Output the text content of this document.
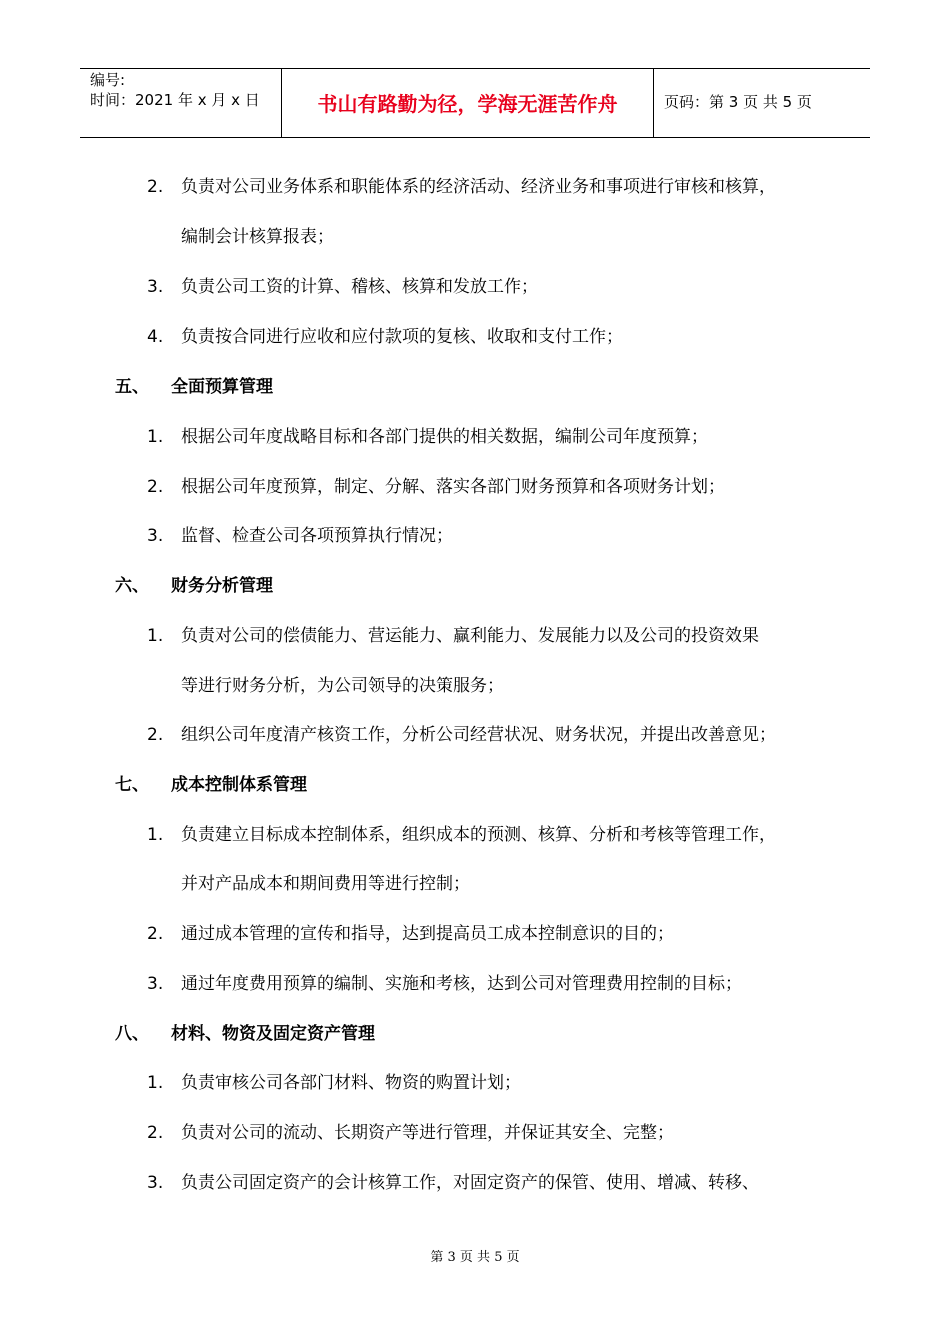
编号:
时间：2021 年 x 月 x 日	书山有路勤为径，学海无涯苦作舟	页码：第 3 页 共 5 页
2.	负责对公司业务体系和职能体系的经济活动、经济业务和事项进行审核和核算，
编制会计核算报表；
3.	负责公司工资的计算、稽核、核算和发放工作；
4.	负责按合同进行应收和应付款项的复核、收取和支付工作；
五、 全面预算管理
1.	根据公司年度战略目标和各部门提供的相关数据，编制公司年度预算；
2.	根据公司年度预算，制定、分解、落实各部门财务预算和各项财务计划；
3.	监督、检查公司各项预算执行情况；
六、 财务分析管理
1.	负责对公司的偿债能力、营运能力、赢利能力、发展能力以及公司的投资效果
等进行财务分析，为公司领导的决策服务；
2.	组织公司年度清产核资工作，分析公司经营状况、财务状况，并提出改善意见；
七、 成本控制体系管理
1.	负责建立目标成本控制体系，组织成本的预测、核算、分析和考核等管理工作，
并对产品成本和期间费用等进行控制；
2.	通过成本管理的宣传和指导，达到提高员工成本控制意识的目的；
3.	通过年度费用预算的编制、实施和考核，达到公司对管理费用控制的目标；
八、 材料、物资及固定资产管理
1.	负责审核公司各部门材料、物资的购置计划；
2.	负责对公司的流动、长期资产等进行管理，并保证其安全、完整；
3.	负责公司固定资产的会计核算工作，对固定资产的保管、使用、增减、转移、
第 3 页 共 5 页
